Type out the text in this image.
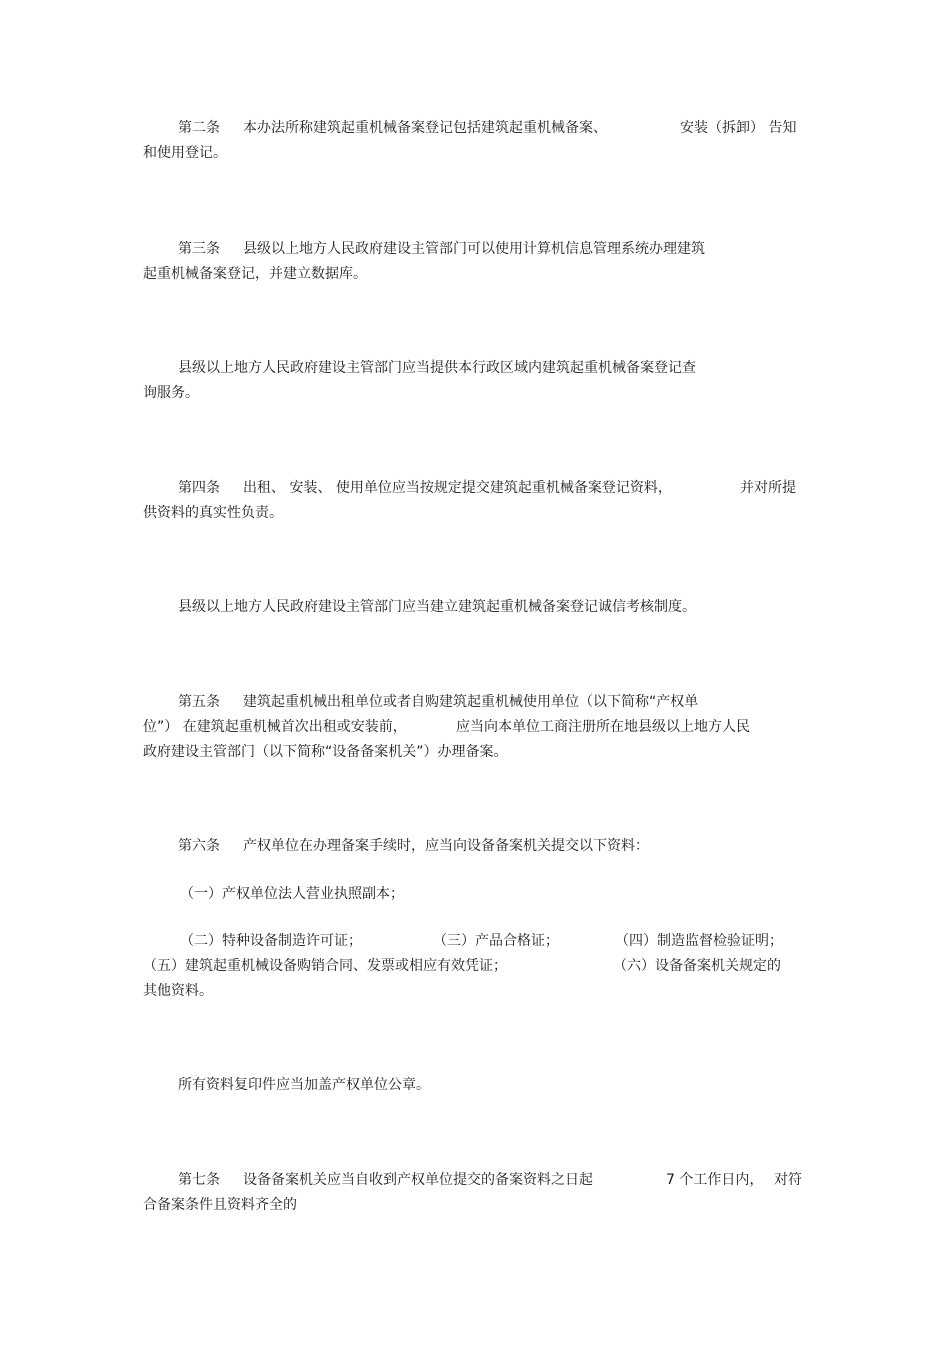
第二条 本办法所称建筑起重机械备案登记包括建筑起重机械备案、	安装（拆卸） 告知
和使用登记。
第三条 县级以上地方人民政府建设主管部门可以使用计算机信息管理系统办理建筑
起重机械备案登记，并建立数据库。
县级以上地方人民政府建设主管部门应当提供本行政区域内建筑起重机械备案登记查
询服务。
第四条 出租、 安装、 使用单位应当按规定提交建筑起重机械备案登记资料，	并对所提
供资料的真实性负责。
县级以上地方人民政府建设主管部门应当建立建筑起重机械备案登记诚信考核制度。
第五条 建筑起重机械出租单位或者自购建筑起重机械使用单位（以下简称“产权单
位”） 在建筑起重机械首次出租或安装前，	应当向本单位工商注册所在地县级以上地方人民
政府建设主管部门（以下简称“设备备案机关”）办理备案。
第六条 产权单位在办理备案手续时，应当向设备备案机关提交以下资料：
（一）产权单位法人营业执照副本；
（二）特种设备制造许可证；	（三）产品合格证；	（四）制造监督检验证明；
（五）建筑起重机械设备购销合同、发票或相应有效凭证；	（六）设备备案机关规定的
其他资料。
所有资料复印件应当加盖产权单位公章。
第七条 设备备案机关应当自收到产权单位提交的备案资料之日起	7 个工作日内， 对符
合备案条件且资料齐全的
